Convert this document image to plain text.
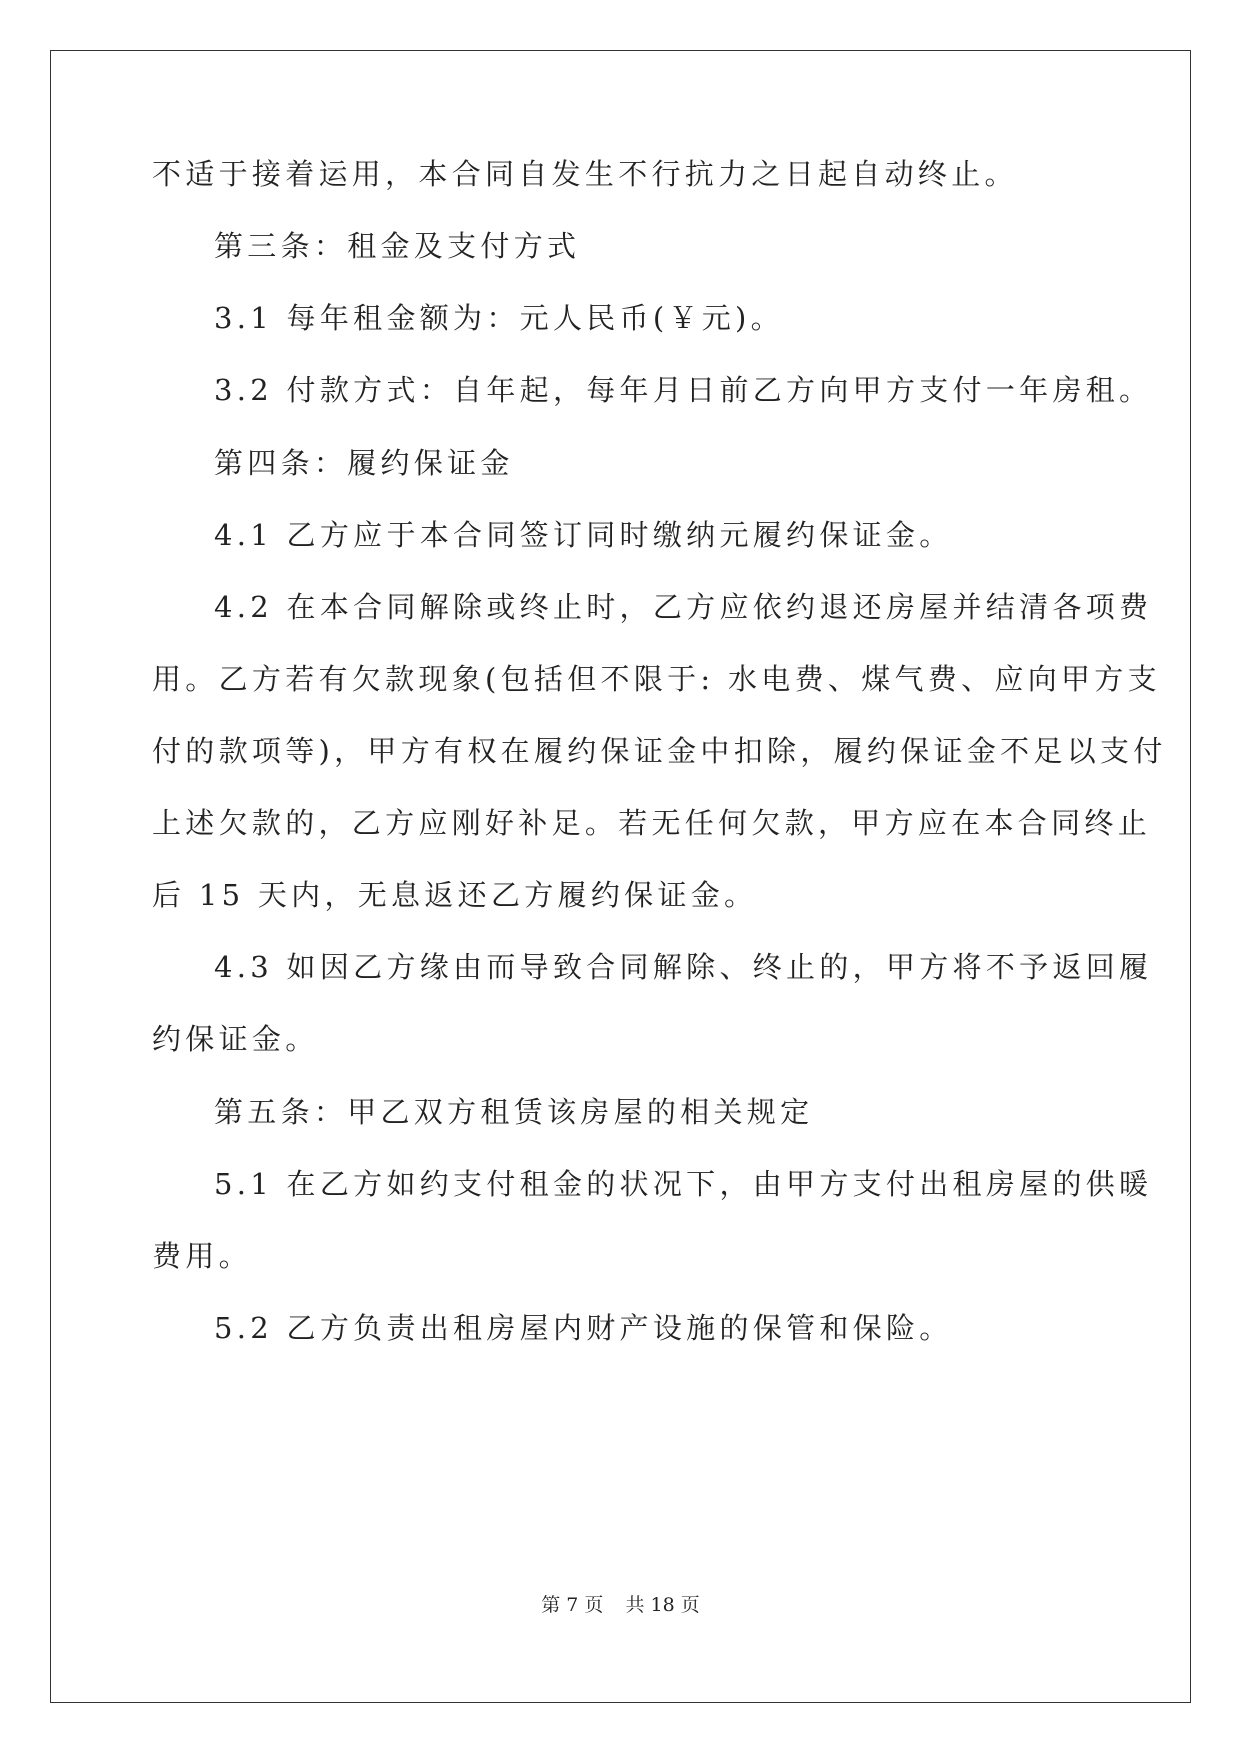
不适于接着运用，本合同自发生不行抗力之日起自动终止。
第三条：租金及支付方式
3.1 每年租金额为：元人民币(￥元)。
3.2 付款方式：自年起，每年月日前乙方向甲方支付一年房租。
第四条：履约保证金
4.1 乙方应于本合同签订同时缴纳元履约保证金。
4.2 在本合同解除或终止时，乙方应依约退还房屋并结清各项费
用。乙方若有欠款现象(包括但不限于: 水电费、煤气费、应向甲方支
付的款项等)，甲方有权在履约保证金中扣除，履约保证金不足以支付
上述欠款的，乙方应刚好补足。若无任何欠款，甲方应在本合同终止
后 15 天内，无息返还乙方履约保证金。
4.3 如因乙方缘由而导致合同解除、终止的，甲方将不予返回履
约保证金。
第五条：甲乙双方租赁该房屋的相关规定
5.1 在乙方如约支付租金的状况下，由甲方支付出租房屋的供暖
费用。
5.2 乙方负责出租房屋内财产设施的保管和保险。
第 7 页 共 18 页
